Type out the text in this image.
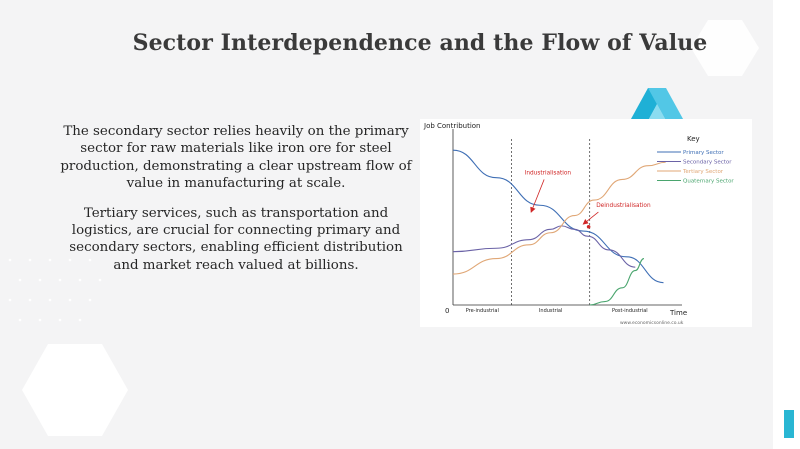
Sector Interdependence and the Flow of Value

The secondary sector relies heavily on the primary sector for raw materials like iron ore for steel production, demonstrating a clear upstream flow of value in manufacturing at scale.

Tertiary services, such as transportation and logistics, are crucial for connecting primary and secondary sectors, enabling efficient distribution and market reach valued at billions.

Pre-industrial	Industrial	Post-industrial
Industrialisation
Deindustrialisation
Primary Sector
Secondary Sector
Tertiary Sector
Quaternary Sector
Job Contribution
Time
0
Key
www.economicsonline.co.uk
